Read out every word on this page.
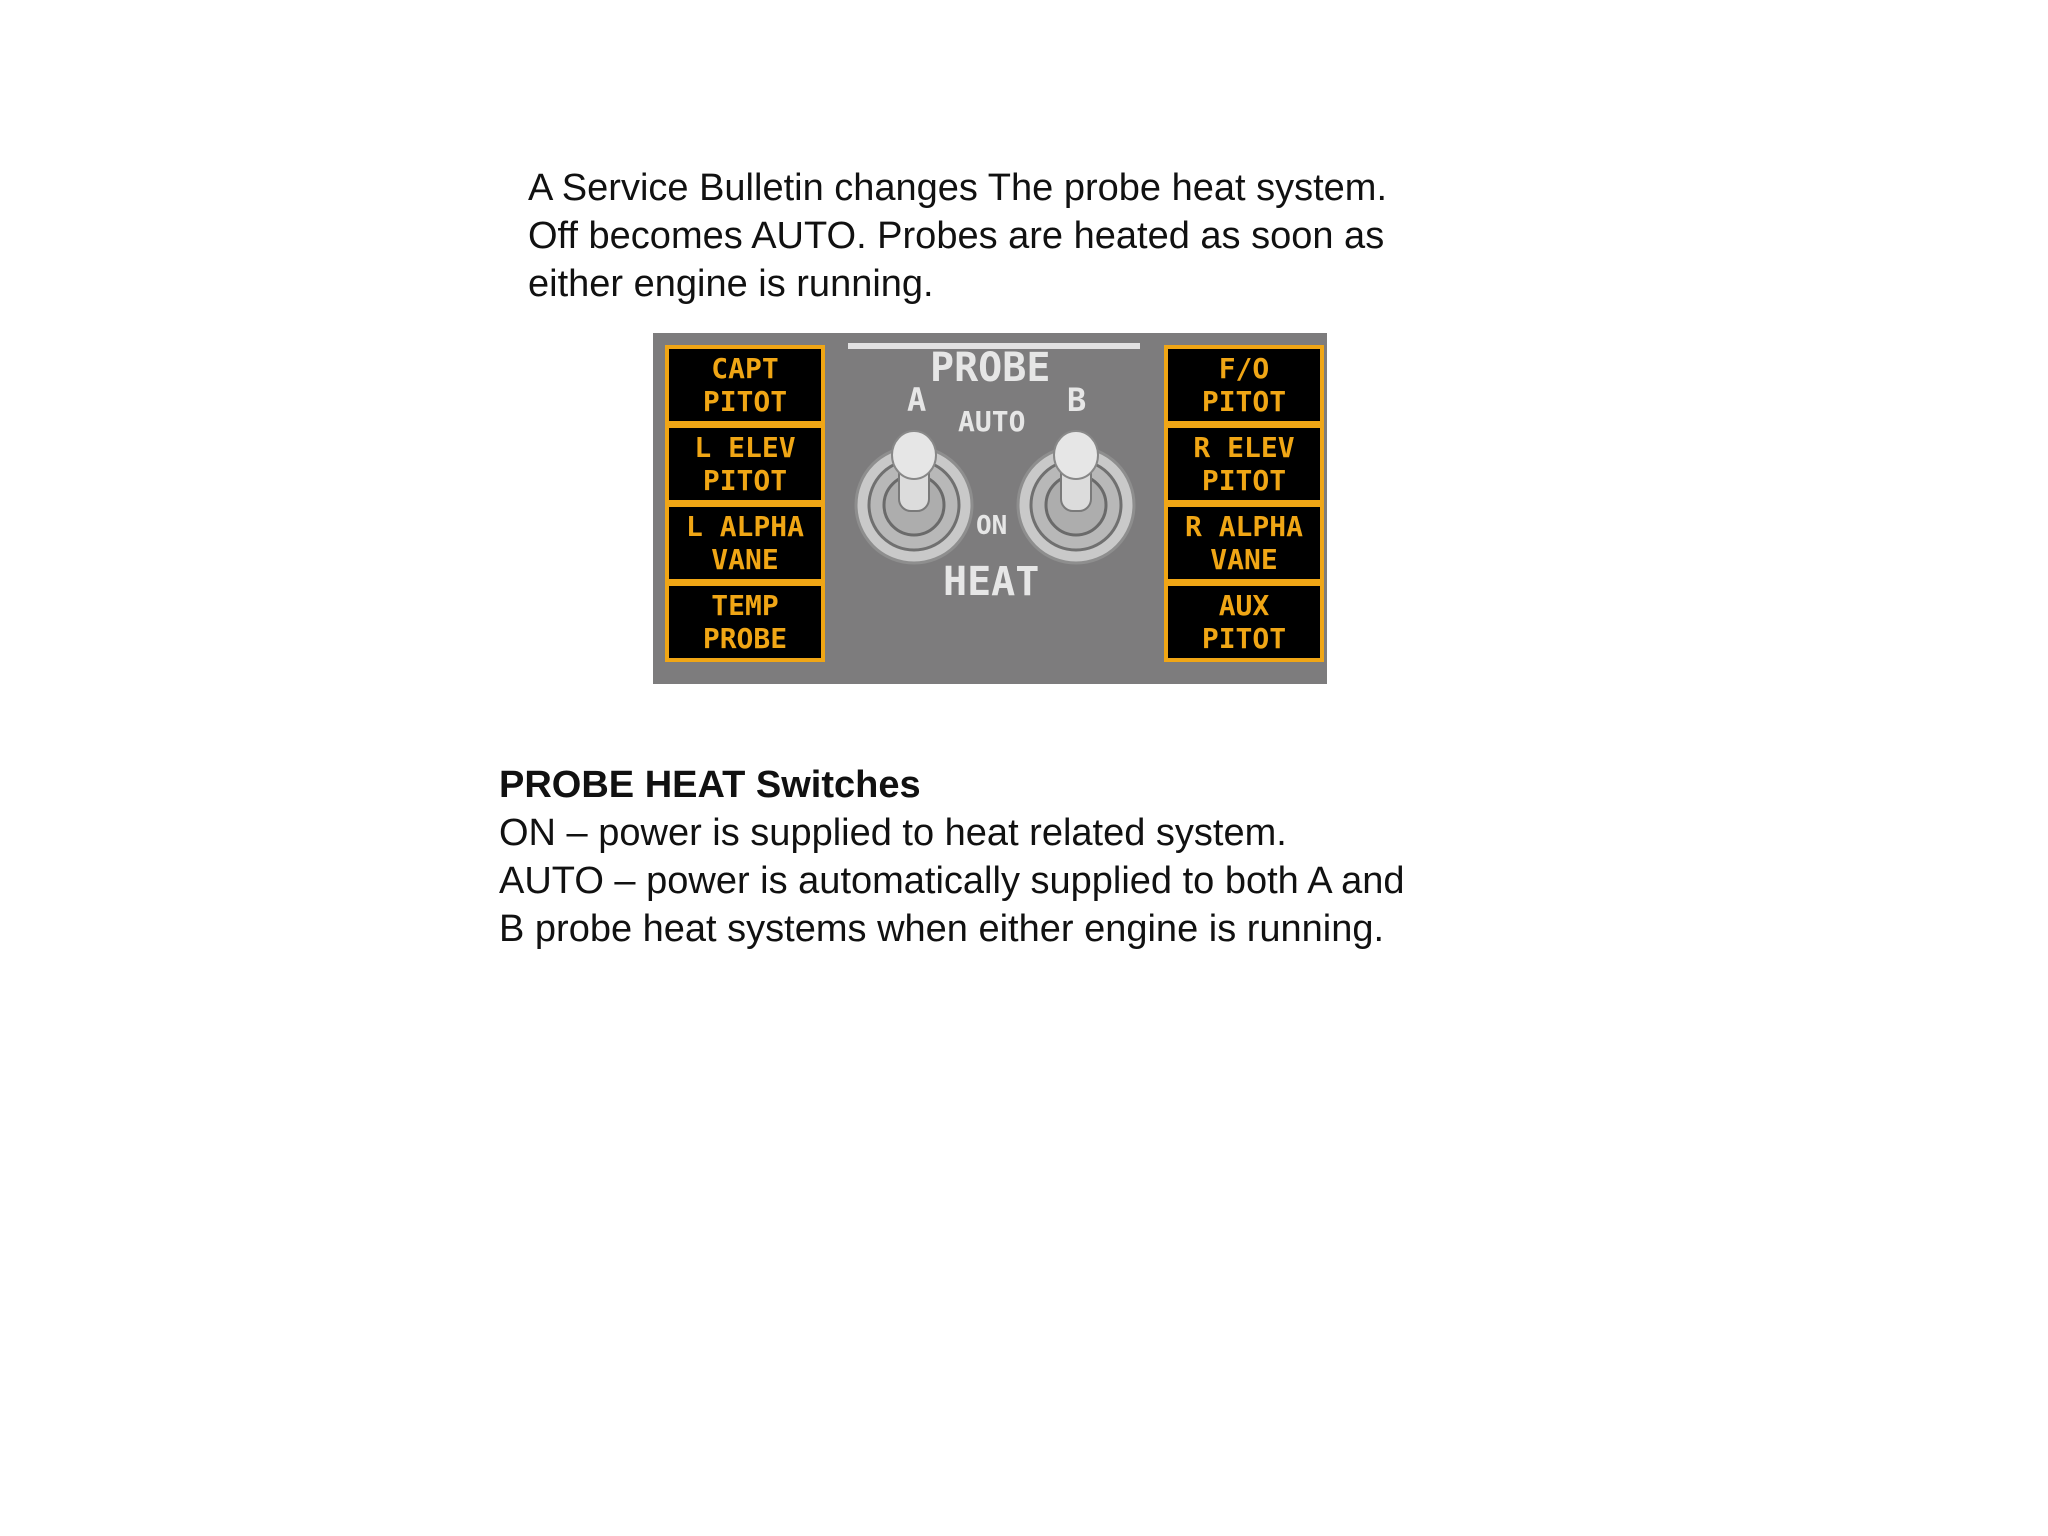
A Service Bulletin changes The probe heat system.
Off becomes AUTO. Probes are heated as soon as
either engine is running.
CAPT
PITOT
L ELEV
PITOT
L ALPHA
VANE
TEMP
PROBE
F/O
PITOT
R ELEV
PITOT
R ALPHA
VANE
AUX
PITOT
PROBE
A	B
AUTO
ON
HEAT
PROBE HEAT Switches
ON – power is supplied to heat related system.
AUTO – power is automatically supplied to both A and
B probe heat systems when either engine is running.
